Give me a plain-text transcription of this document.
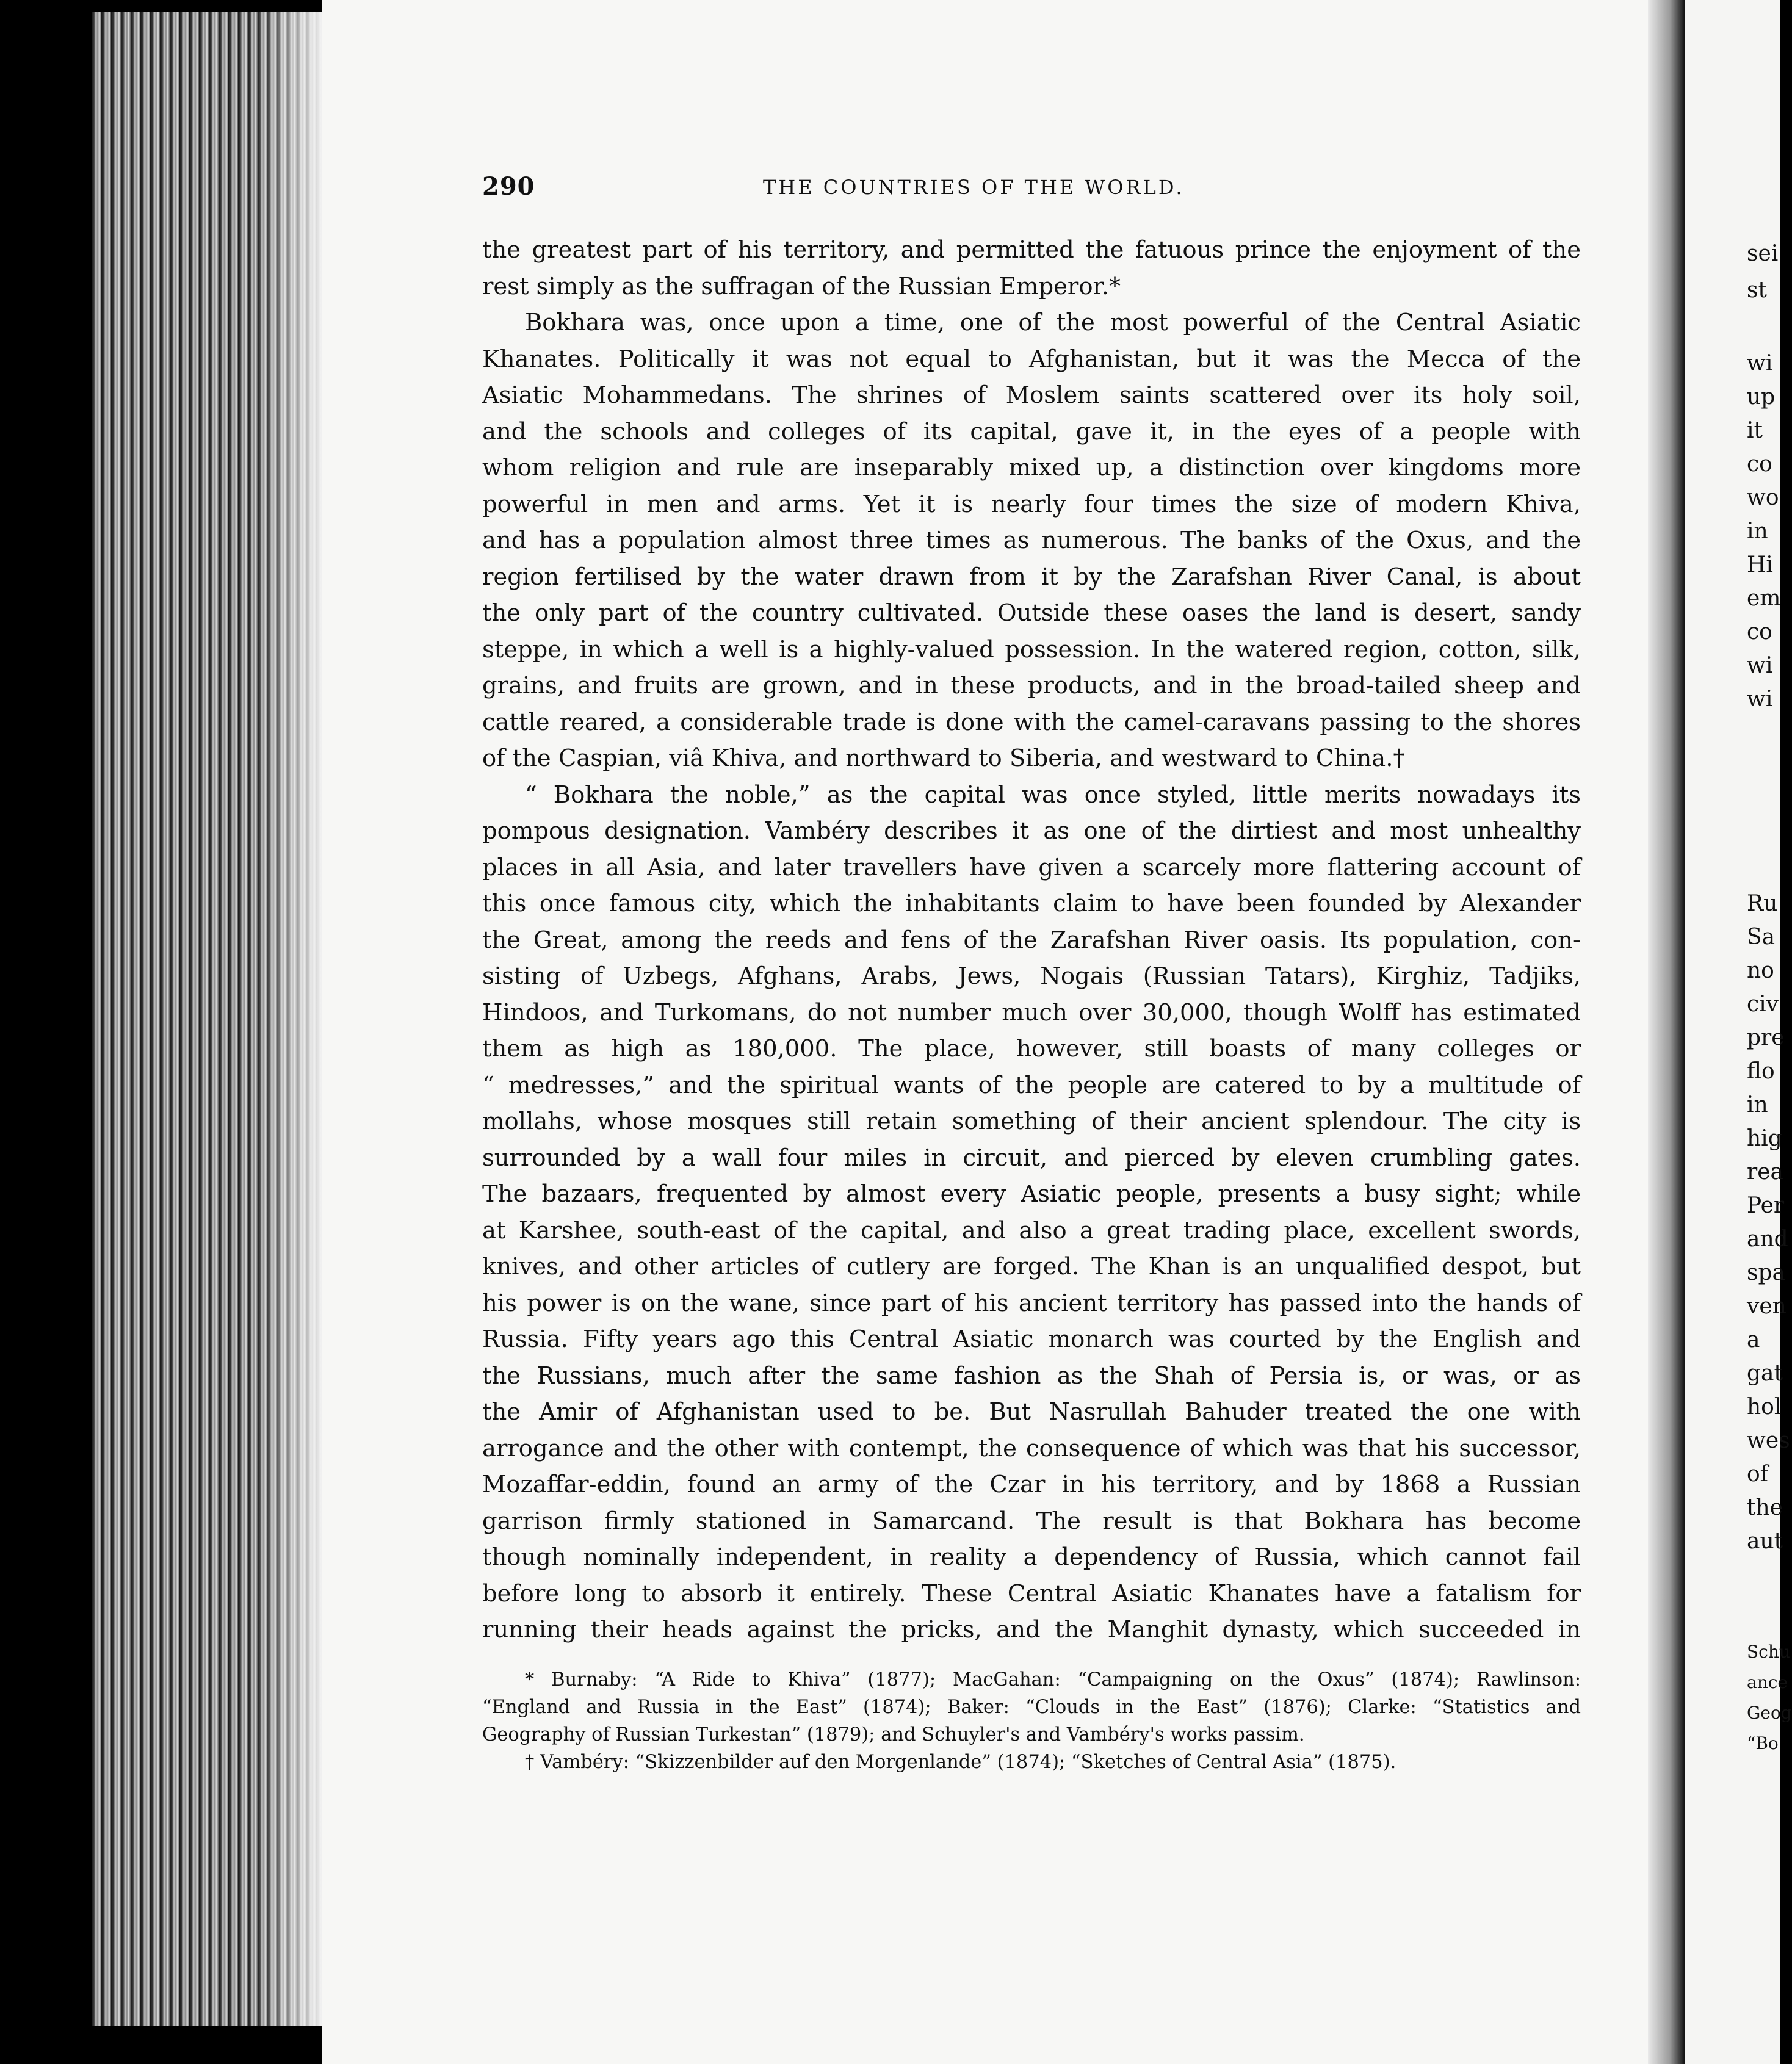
290	THE COUNTRIES OF THE WORLD.
the greatest part of his territory, and permitted the fatuous prince the enjoyment of the
rest simply as the suffragan of the Russian Emperor.*
Bokhara was, once upon a time, one of the most powerful of the Central Asiatic
Khanates. Politically it was not equal to Afghanistan, but it was the Mecca of the
Asiatic Mohammedans. The shrines of Moslem saints scattered over its holy soil,
and the schools and colleges of its capital, gave it, in the eyes of a people with
whom religion and rule are inseparably mixed up, a distinction over kingdoms more
powerful in men and arms. Yet it is nearly four times the size of modern Khiva,
and has a population almost three times as numerous. The banks of the Oxus, and the
region fertilised by the water drawn from it by the Zarafshan River Canal, is about
the only part of the country cultivated. Outside these oases the land is desert, sandy
steppe, in which a well is a highly-valued possession. In the watered region, cotton, silk,
grains, and fruits are grown, and in these products, and in the broad-tailed sheep and
cattle reared, a considerable trade is done with the camel-caravans passing to the shores
of the Caspian, viâ Khiva, and northward to Siberia, and westward to China.†
“ Bokhara the noble,” as the capital was once styled, little merits nowadays its
pompous designation. Vambéry describes it as one of the dirtiest and most unhealthy
places in all Asia, and later travellers have given a scarcely more flattering account of
this once famous city, which the inhabitants claim to have been founded by Alexander
the Great, among the reeds and fens of the Zarafshan River oasis. Its population, con-
sisting of Uzbegs, Afghans, Arabs, Jews, Nogais (Russian Tatars), Kirghiz, Tadjiks,
Hindoos, and Turkomans, do not number much over 30,000, though Wolff has estimated
them as high as 180,000. The place, however, still boasts of many colleges or
“ medresses,” and the spiritual wants of the people are catered to by a multitude of
mollahs, whose mosques still retain something of their ancient splendour. The city is
surrounded by a wall four miles in circuit, and pierced by eleven crumbling gates.
The bazaars, frequented by almost every Asiatic people, presents a busy sight; while
at Karshee, south-east of the capital, and also a great trading place, excellent swords,
knives, and other articles of cutlery are forged. The Khan is an unqualified despot, but
his power is on the wane, since part of his ancient territory has passed into the hands of
Russia. Fifty years ago this Central Asiatic monarch was courted by the English and
the Russians, much after the same fashion as the Shah of Persia is, or was, or as
the Amir of Afghanistan used to be. But Nasrullah Bahuder treated the one with
arrogance and the other with contempt, the consequence of which was that his successor,
Mozaffar-eddin, found an army of the Czar in his territory, and by 1868 a Russian
garrison firmly stationed in Samarcand. The result is that Bokhara has become
though nominally independent, in reality a dependency of Russia, which cannot fail
before long to absorb it entirely. These Central Asiatic Khanates have a fatalism for
running their heads against the pricks, and the Manghit dynasty, which succeeded in
* Burnaby: “A Ride to Khiva” (1877); MacGahan: “Campaigning on the Oxus” (1874); Rawlinson:
“England and Russia in the East” (1874); Baker: “Clouds in the East” (1876); Clarke: “Statistics and
Geography of Russian Turkestan” (1879); and Schuyler's and Vambéry's works passim.
† Vambéry: “Skizzenbilder auf den Morgenlande” (1874); “Sketches of Central Asia” (1875).
sei
st
wi
up
it
co
wo
in
Hi
em
co
wi
wi
Ru
Sa
no
civ
pre
flo
in
hig
rea
Per
and
spa
ven
a
gat
hol
wes
of
the
aut
Schu
ance
Geog
“Bo
